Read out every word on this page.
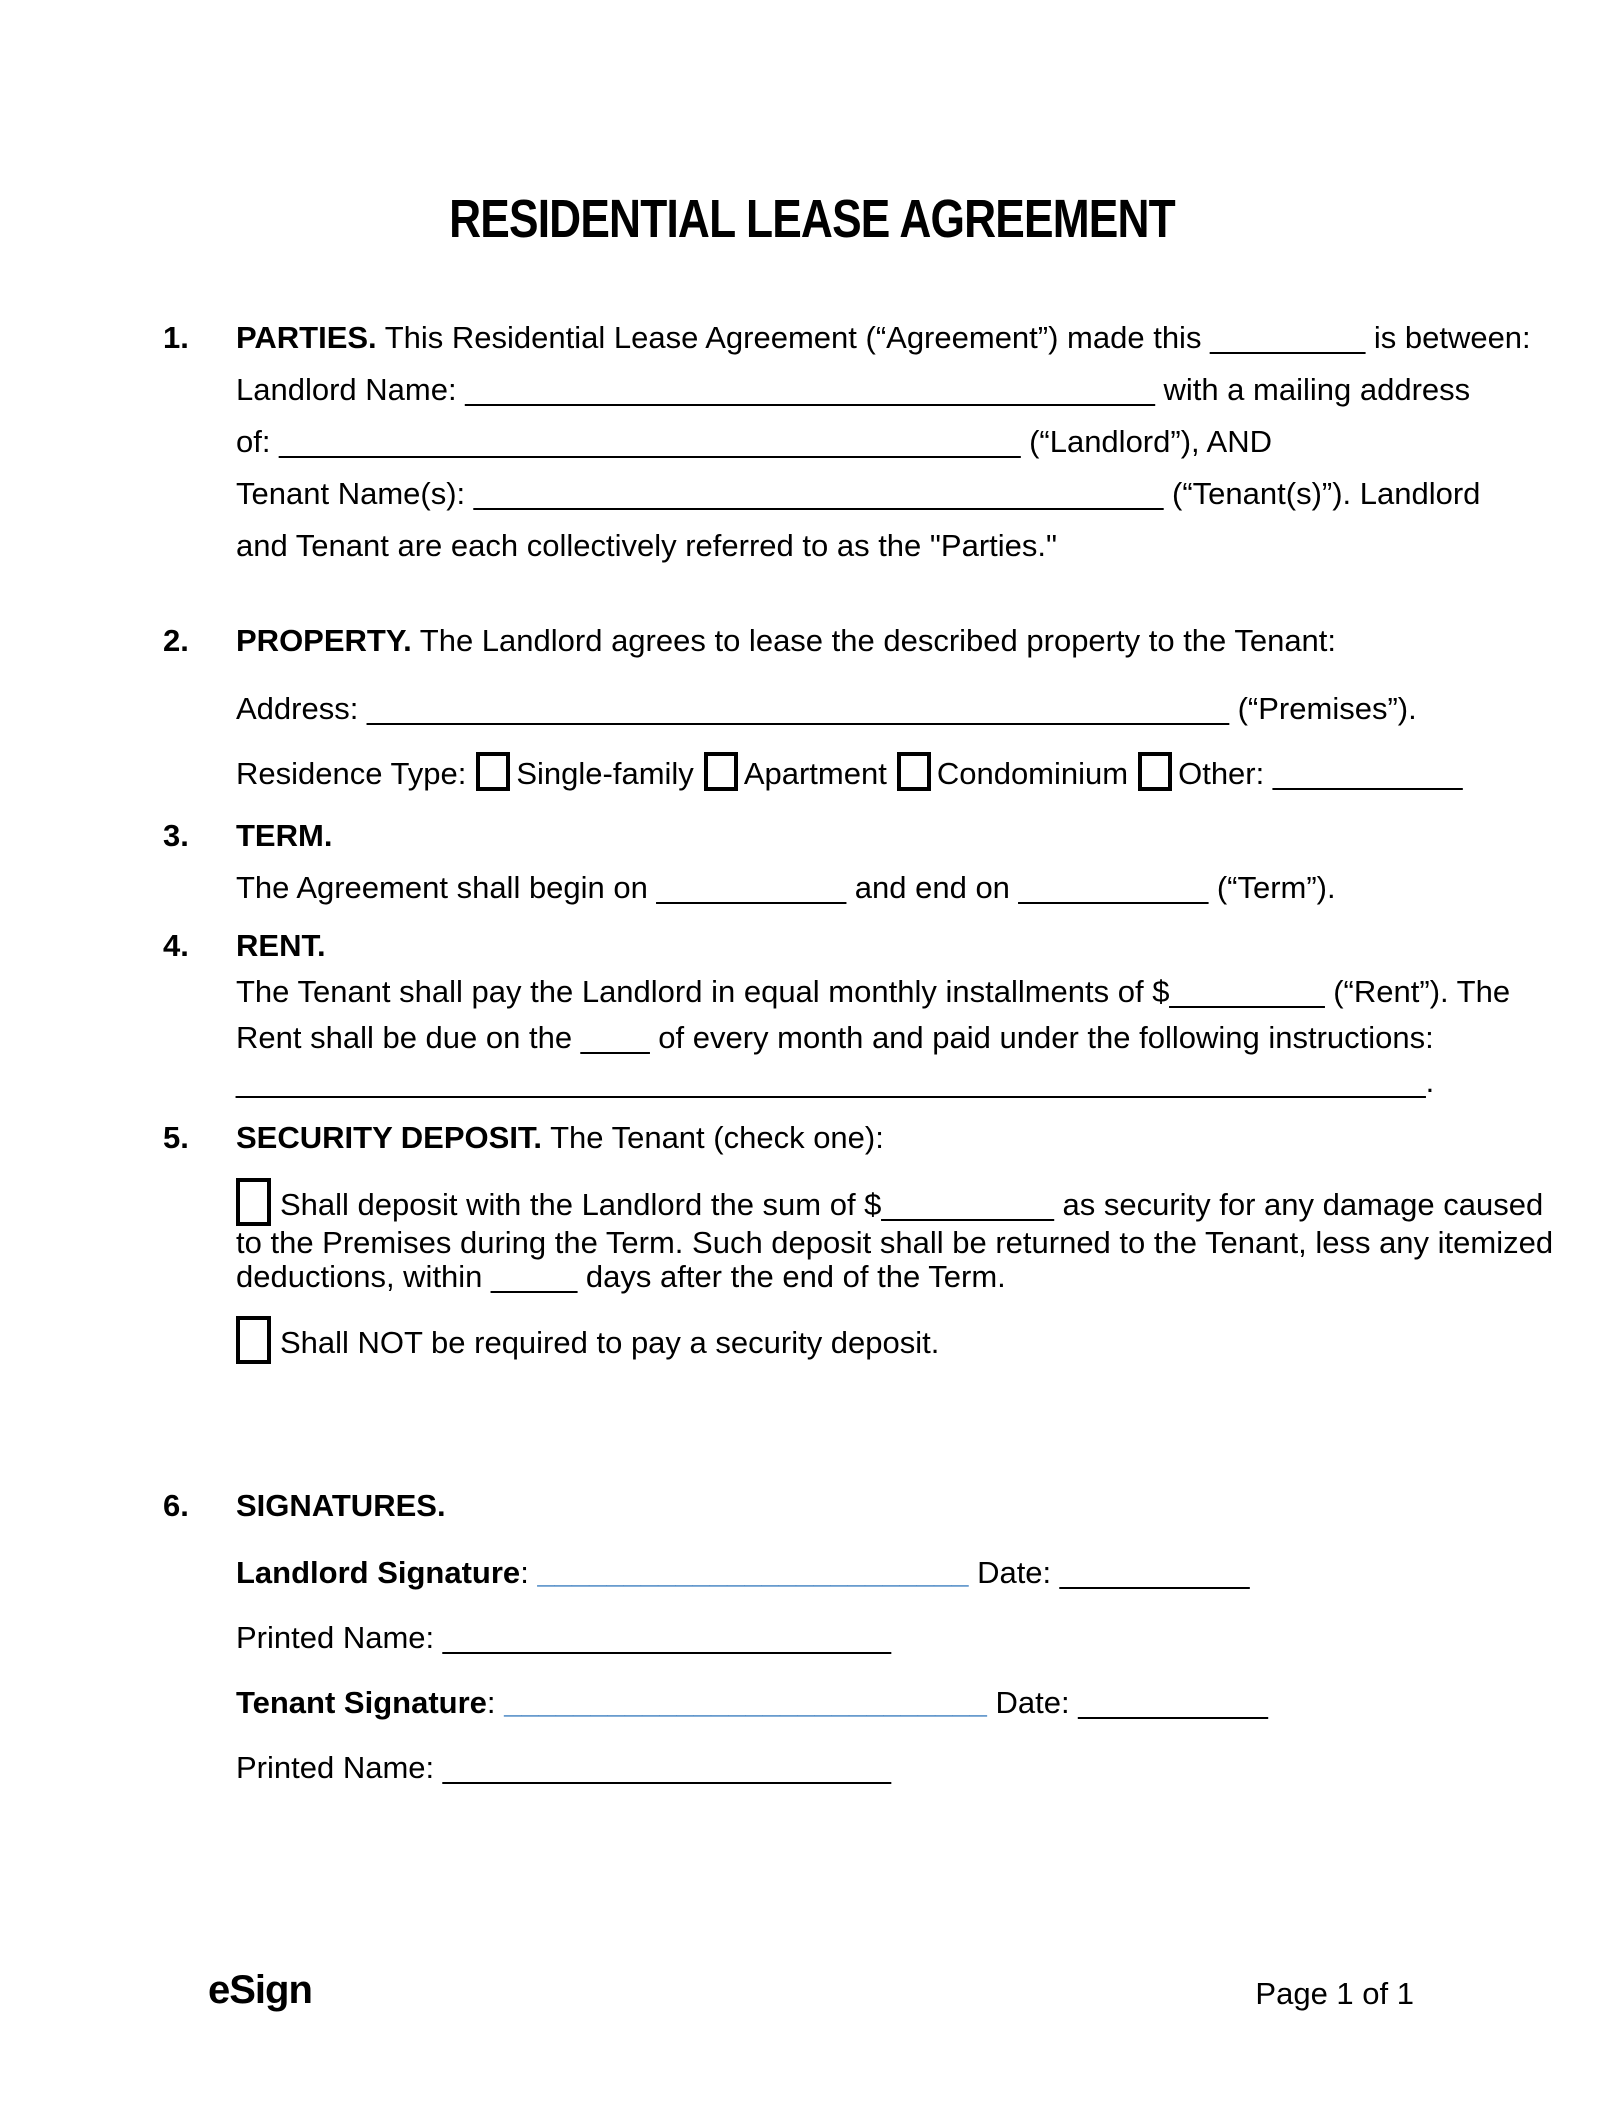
RESIDENTIAL LEASE AGREEMENT
1. PARTIES. This Residential Lease Agreement (“Agreement”) made this _________ is between:
Landlord Name: ________________________________________ with a mailing address
of: ___________________________________________ (“Landlord”), AND
Tenant Name(s): ________________________________________ (“Tenant(s)”). Landlord
and Tenant are each collectively referred to as the "Parties."
2. PROPERTY. The Landlord agrees to lease the described property to the Tenant:
Address: __________________________________________________ (“Premises”).
Residence Type: Single-family Apartment Condominium Other: ___________
3. TERM.
The Agreement shall begin on ___________ and end on ___________ (“Term”).
4. RENT.
The Tenant shall pay the Landlord in equal monthly installments of $_________ (“Rent”). The
Rent shall be due on the ____ of every month and paid under the following instructions:
_____________________________________________________________________.
5. SECURITY DEPOSIT. The Tenant (check one):
Shall deposit with the Landlord the sum of $__________ as security for any damage caused
to the Premises during the Term. Such deposit shall be returned to the Tenant, less any itemized
deductions, within _____ days after the end of the Term.
Shall NOT be required to pay a security deposit.
6. SIGNATURES.
Landlord Signature: _________________________ Date: ___________
Printed Name: __________________________
Tenant Signature: ____________________________ Date: ___________
Printed Name: __________________________
eSign	Page 1 of 1
